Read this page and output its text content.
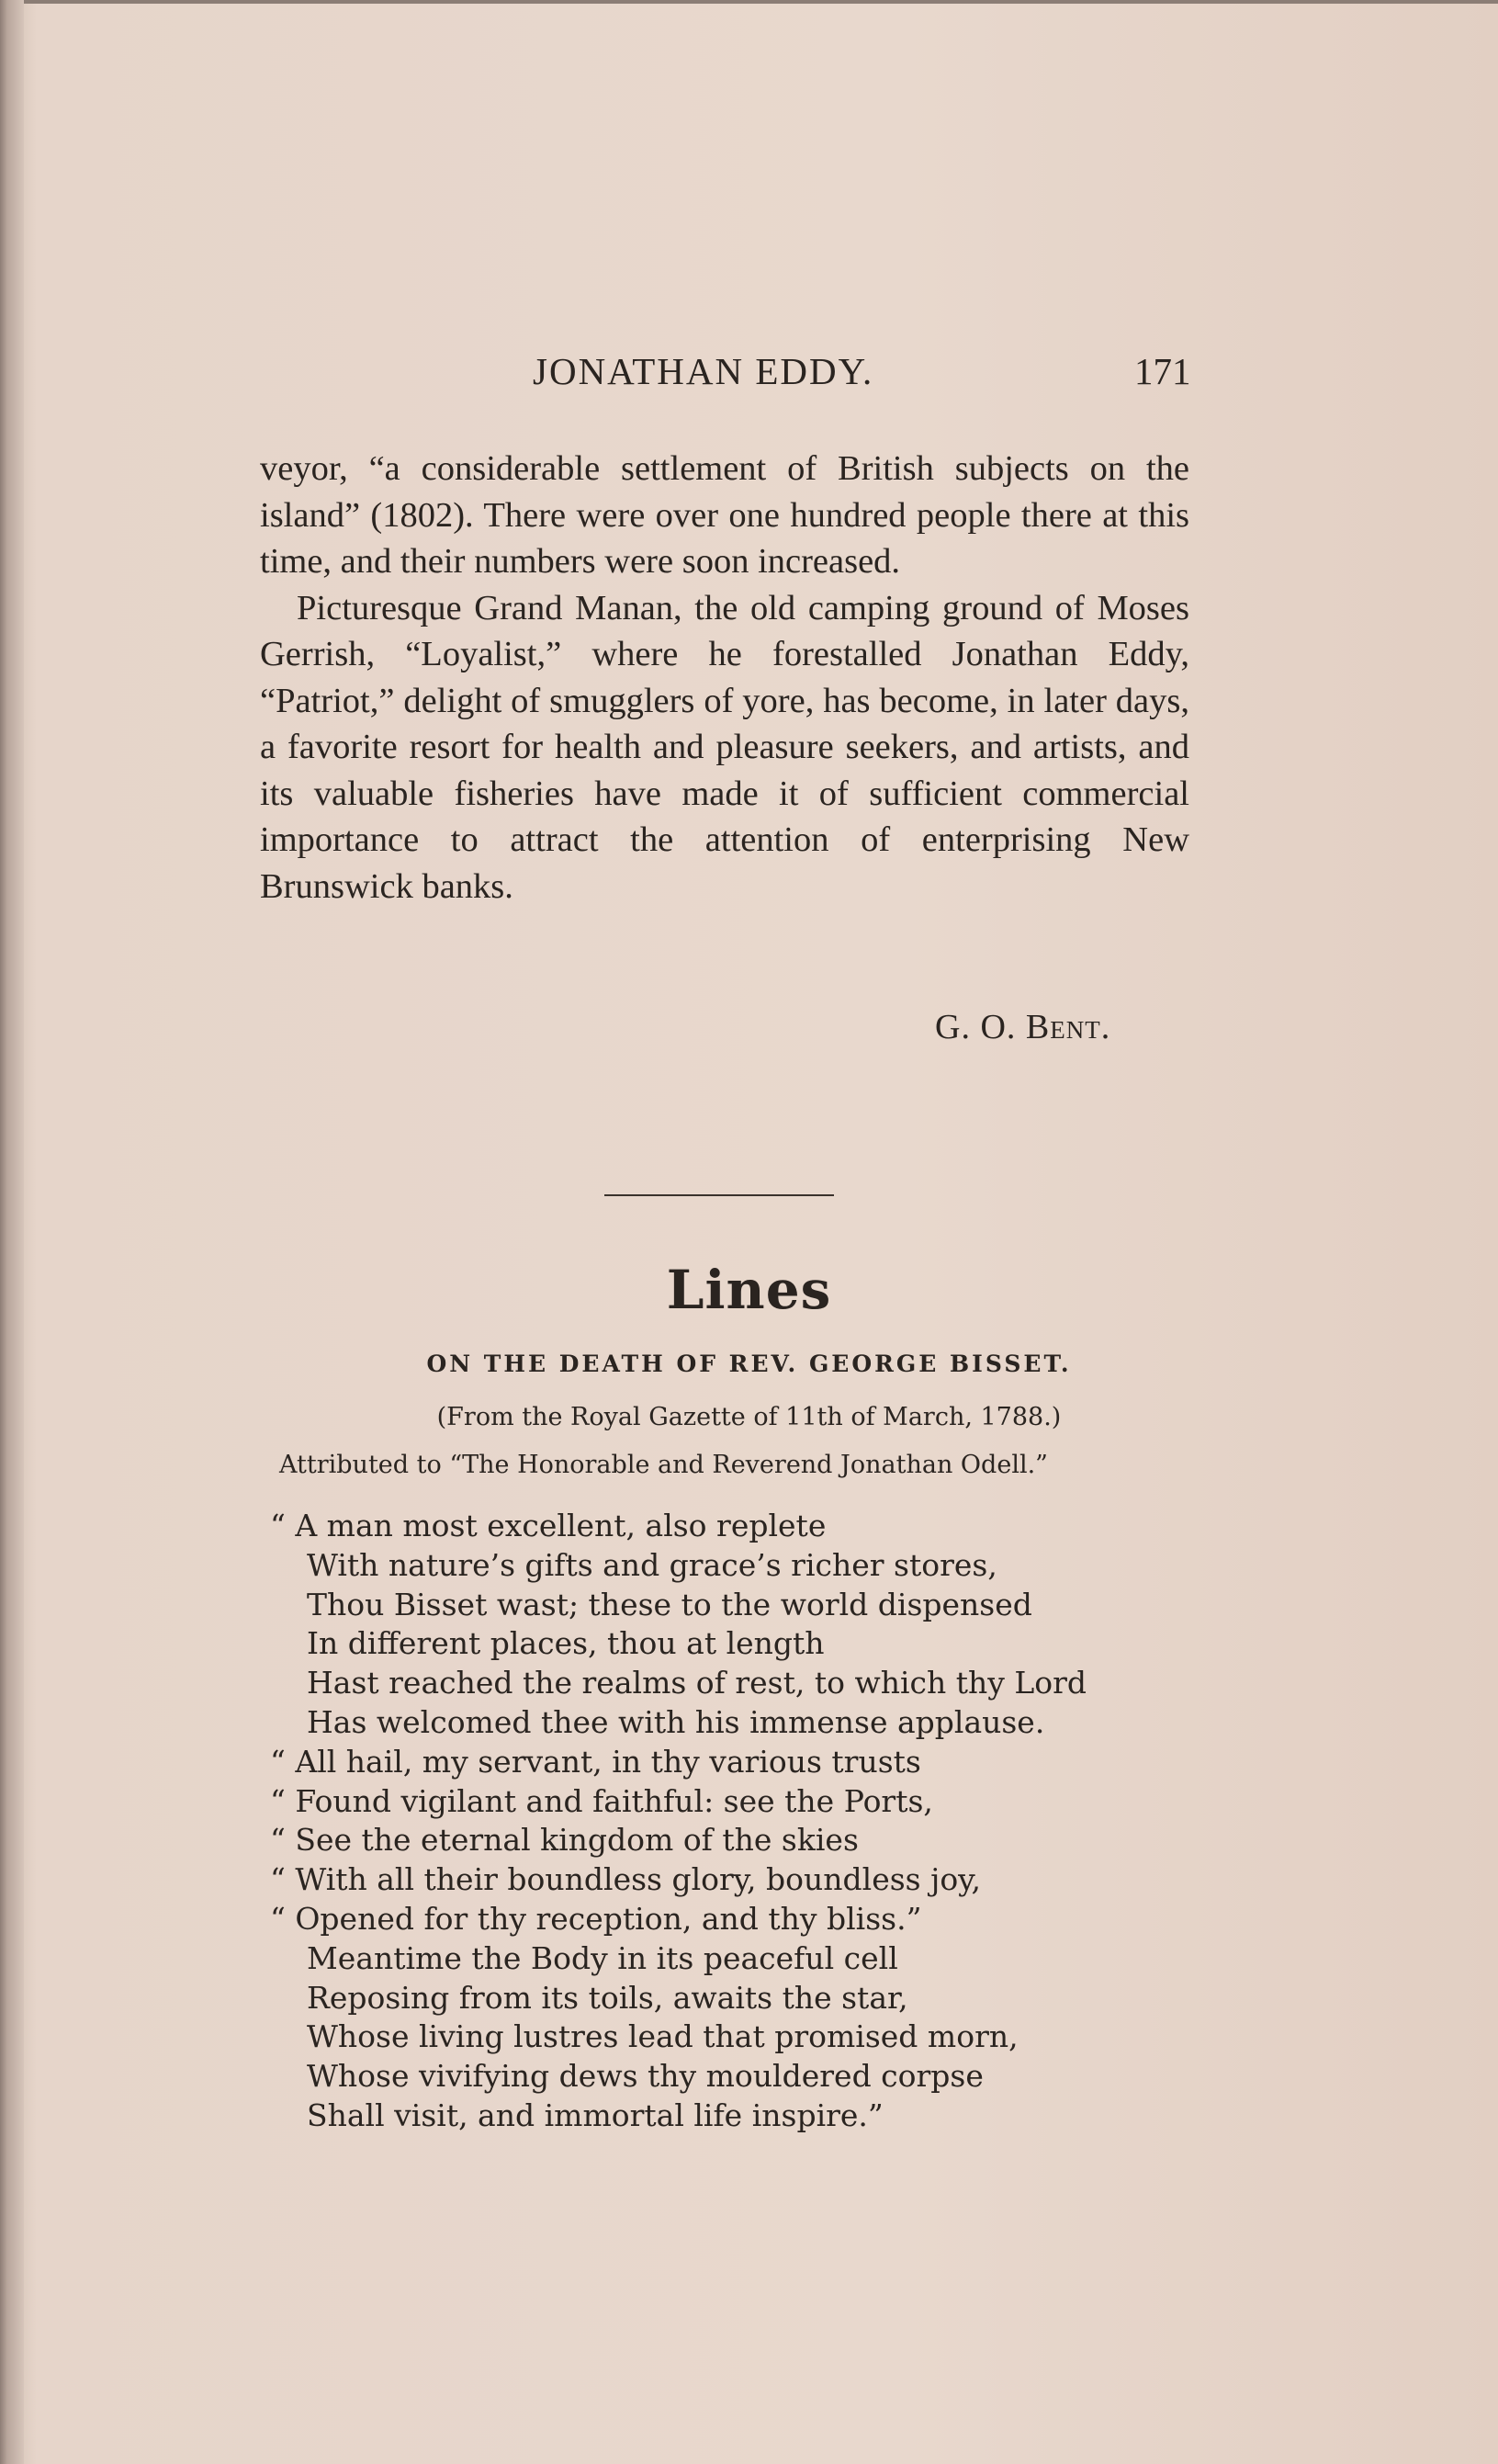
JONATHAN EDDY.	171

veyor, “a considerable settlement of British subjects on the island” (1802). There were over one hundred people there at this time, and their numbers were soon increased.

Picturesque Grand Manan, the old camping ground of Moses Gerrish, “Loyalist,” where he forestalled Jonathan Eddy, “Patriot,” delight of smugglers of yore, has become, in later days, a favorite resort for health and pleasure seekers, and artists, and its valuable fisheries have made it of sufficient commercial importance to attract the attention of enterprising New Brunswick banks.

G. O. Bent.
Lines
ON THE DEATH OF REV. GEORGE BISSET.
(From the Royal Gazette of 11th of March, 1788.)
Attributed to “The Honorable and Reverend Jonathan Odell.”
“ A man most excellent, also replete
With nature’s gifts and grace’s richer stores,
Thou Bisset wast; these to the world dispensed
In different places, thou at length
Hast reached the realms of rest, to which thy Lord
Has welcomed thee with his immense applause.
“ All hail, my servant, in thy various trusts
“ Found vigilant and faithful: see the Ports,
“ See the eternal kingdom of the skies
“ With all their boundless glory, boundless joy,
“ Opened for thy reception, and thy bliss.”
Meantime the Body in its peaceful cell
Reposing from its toils, awaits the star,
Whose living lustres lead that promised morn,
Whose vivifying dews thy mouldered corpse
Shall visit, and immortal life inspire.”
